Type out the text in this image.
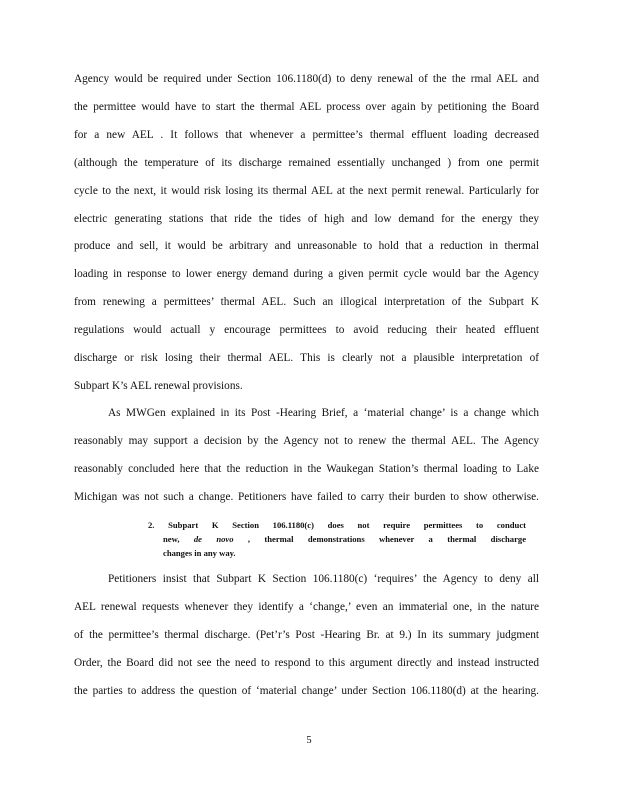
Agency would be required under Section 106.1180(d) to deny renewal of the the rmal AEL and
the permittee would have to start the thermal AEL process over again by petitioning the Board
for a new AEL . It follows that whenever a permittee’s thermal effluent loading decreased
(although the temperature of its discharge remained essentially unchanged ) from one permit
cycle to the next, it would risk losing its thermal AEL at the next permit renewal. Particularly for
electric generating stations that ride the tides of high and low demand for the energy they
produce and sell, it would be arbitrary and unreasonable to hold that a reduction in thermal
loading in response to lower energy demand during a given permit cycle would bar the Agency
from renewing a permittees’ thermal AEL. Such an illogical interpretation of the Subpart K
regulations would actuall y encourage permittees to avoid reducing their heated effluent
discharge or risk losing their thermal AEL. This is clearly not a plausible interpretation of
Subpart K’s AEL renewal provisions.
As MWGen explained in its Post -Hearing Brief, a ‘material change’ is a change which
reasonably may support a decision by the Agency not to renew the thermal AEL. The Agency
reasonably concluded here that the reduction in the Waukegan Station’s thermal loading to Lake
Michigan was not such a change. Petitioners have failed to carry their burden to show otherwise.
2. Subpart K Section 106.1180(c) does not require permittees to conduct
new, de novo , thermal demonstrations whenever a thermal discharge
changes in any way.
Petitioners insist that Subpart K Section 106.1180(c) ‘requires’ the Agency to deny all
AEL renewal requests whenever they identify a ‘change,’ even an immaterial one, in the nature
of the permittee’s thermal discharge. (Pet’r’s Post -Hearing Br. at 9.) In its summary judgment
Order, the Board did not see the need to respond to this argument directly and instead instructed
the parties to address the question of ‘material change’ under Section 106.1180(d) at the hearing.
5
